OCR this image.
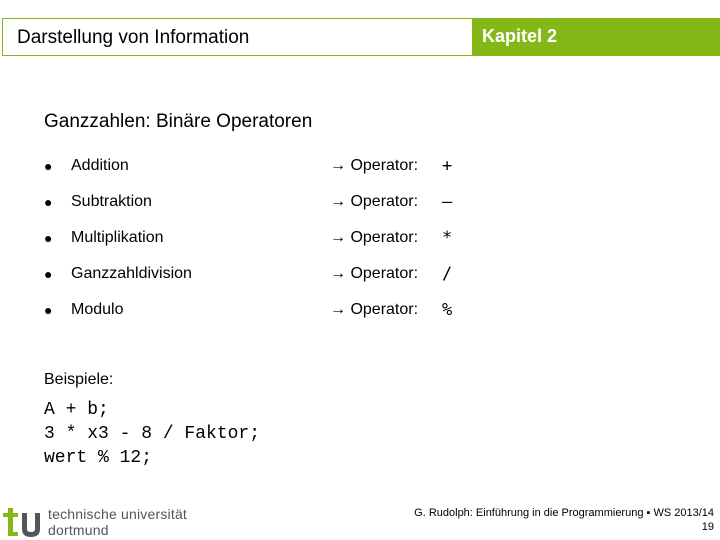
Darstellung von Information	Kapitel 2
Ganzzahlen: Binäre Operatoren
● Addition	→ Operator: +
● Subtraktion	→ Operator: –
● Multiplikation	→ Operator: *
● Ganzzahldivision	→ Operator: /
● Modulo	→ Operator: %
Beispiele:
A + b;
3 * x3 - 8 / Faktor;
wert % 12;
technische universität
dortmund
G. Rudolph: Einführung in die Programmierung ▪ WS 2013/14
19
